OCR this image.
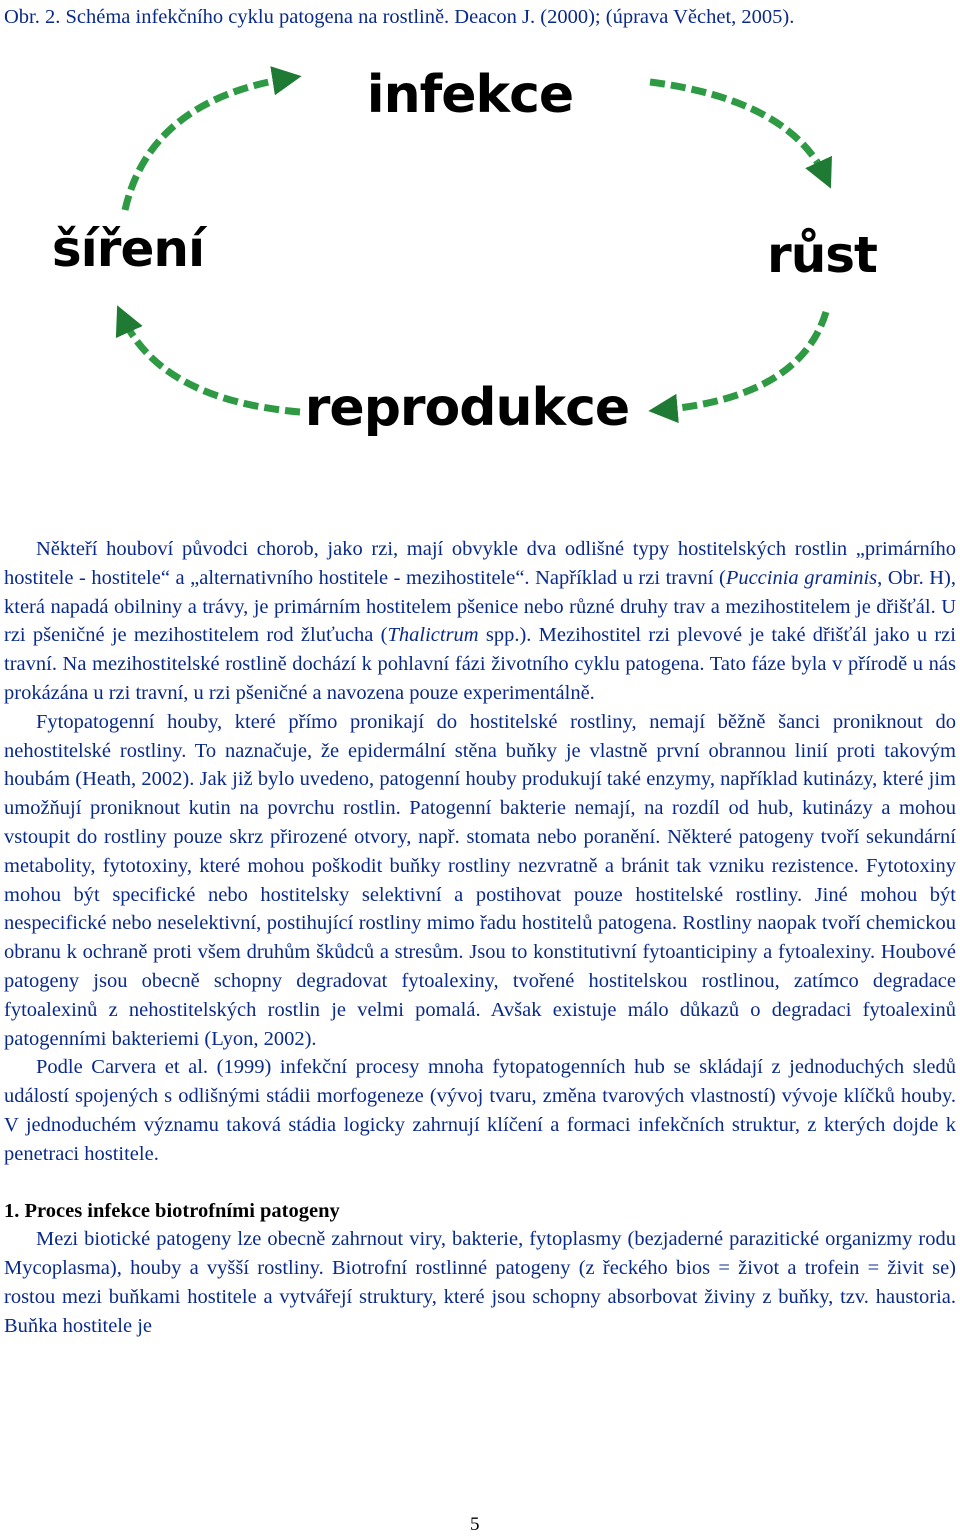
Obr. 2. Schéma infekčního cyklu patogena na rostlině. Deacon J. (2000); (úprava Věchet, 2005).
infekce
růst
reprodukce
šíření

Někteří houboví původci chorob, jako rzi, mají obvykle dva odlišné typy hostitelských rostlin „primárního hostitele - hostitele“ a „alternativního hostitele - mezihostitele“. Například u rzi travní (Puccinia graminis, Obr. H), která napadá obilniny a trávy, je primárním hostitelem pšenice nebo různé druhy trav a mezihostitelem je dřišťál. U rzi pšeničné je mezihostitelem rod žluťucha (Thalictrum spp.). Mezihostitel rzi plevové je také dřišťál jako u rzi travní. Na mezihostitelské rostlině dochází k pohlavní fázi životního cyklu patogena. Tato fáze byla v přírodě u nás prokázána u rzi travní, u rzi pšeničné a navozena pouze experimentálně.

Fytopatogenní houby, které přímo pronikají do hostitelské rostliny, nemají běžně šanci proniknout do nehostitelské rostliny. To naznačuje, že epidermální stěna buňky je vlastně první obrannou linií proti takovým houbám (Heath, 2002). Jak již bylo uvedeno, patogenní houby produkují také enzymy, například kutinázy, které jim umožňují proniknout kutin na povrchu rostlin. Patogenní bakterie nemají, na rozdíl od hub, kutinázy a mohou vstoupit do rostliny pouze skrz přirozené otvory, např. stomata nebo poranění. Některé patogeny tvoří sekundární metabolity, fytotoxiny, které mohou poškodit buňky rostliny nezvratně a bránit tak vzniku rezistence. Fytotoxiny mohou být specifické nebo hostitelsky selektivní a postihovat pouze hostitelské rostliny. Jiné mohou být nespecifické nebo neselektivní, postihující rostliny mimo řadu hostitelů patogena. Rostliny naopak tvoří chemickou obranu k ochraně proti všem druhům škůdců a stresům. Jsou to konstitutivní fytoanticipiny a fytoalexiny. Houbové patogeny jsou obecně schopny degradovat fytoalexiny, tvořené hostitelskou rostlinou, zatímco degradace fytoalexinů z nehostitelských rostlin je velmi pomalá. Avšak existuje málo důkazů o degradaci fytoalexinů patogenními bakteriemi (Lyon, 2002).

Podle Carvera et al. (1999) infekční procesy mnoha fytopatogenních hub se skládají z jednoduchých sledů událostí spojených s odlišnými stádii morfogeneze (vývoj tvaru, změna tvarových vlastností) vývoje klíčků houby. V jednoduchém významu taková stádia logicky zahrnují klíčení a formaci infekčních struktur, z kterých dojde k penetraci hostitele.

1. Proces infekce biotrofními patogeny

Mezi biotické patogeny lze obecně zahrnout viry, bakterie, fytoplasmy (bezjaderné parazitické organizmy rodu Mycoplasma), houby a vyšší rostliny. Biotrofní rostlinné patogeny (z řeckého bios = život a trofein = živit se) rostou mezi buňkami hostitele a vytvářejí struktury, které jsou schopny absorbovat živiny z buňky, tzv. haustoria. Buňka hostitele je

5
